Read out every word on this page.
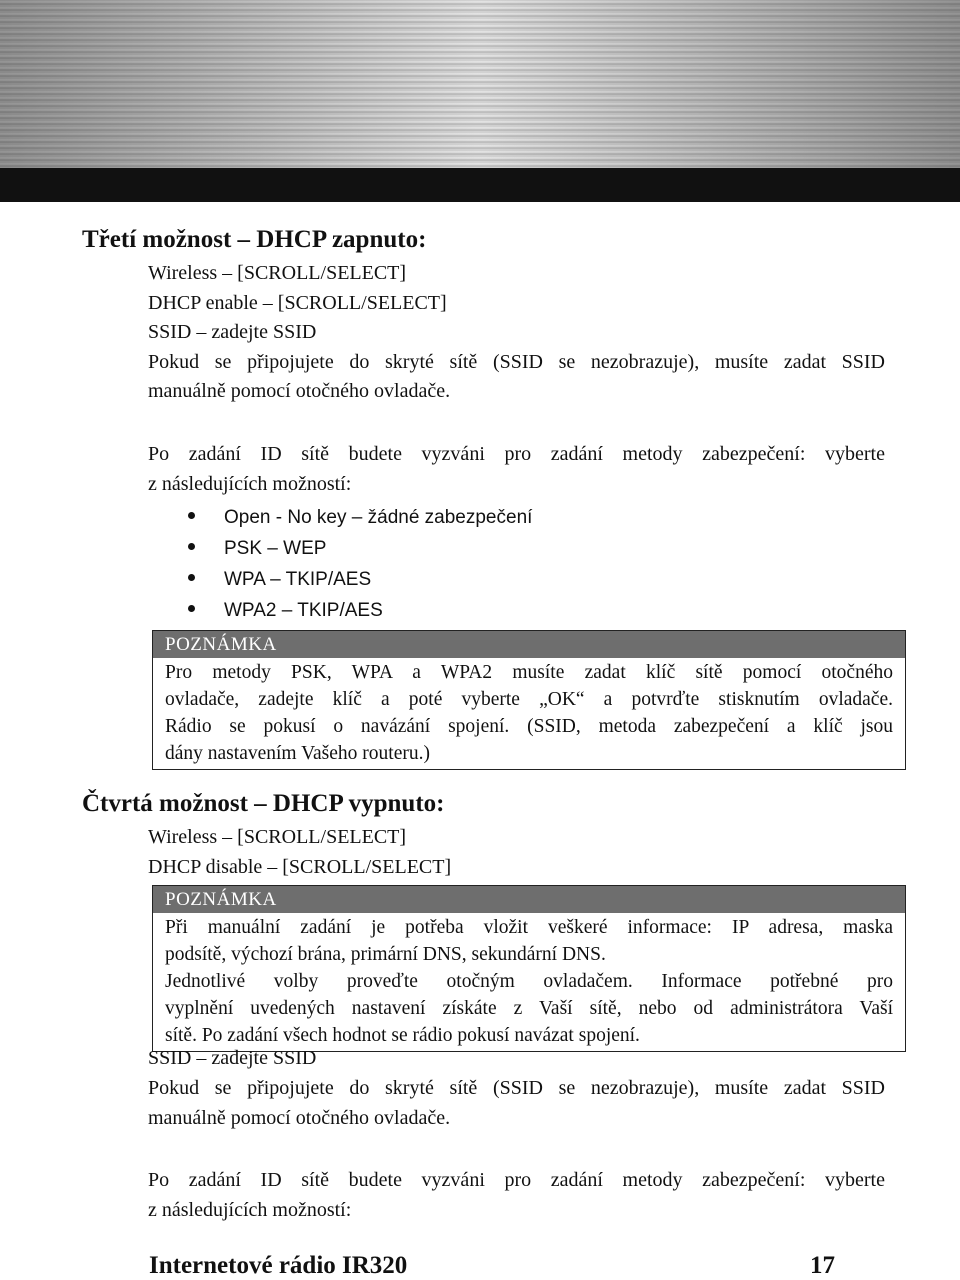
Třetí možnost – DHCP zapnuto:
Wireless – [SCROLL/SELECT]
DHCP enable – [SCROLL/SELECT]
SSID – zadejte SSID
Pokud se připojujete do skryté sítě (SSID se nezobrazuje), musíte zadat SSID
manuálně pomocí otočného ovladače.
Po zadání ID sítě budete vyzváni pro zadání metody zabezpečení: vyberte
z následujících možností:
Open - No key – žádné zabezpečení
PSK – WEP
WPA – TKIP/AES
WPA2 – TKIP/AES
POZNÁMKA
Pro metody PSK, WPA a WPA2 musíte zadat klíč sítě pomocí otočného
ovladače, zadejte klíč a poté vyberte „OK“ a potvrďte stisknutím ovladače.
Rádio se pokusí o navázání spojení. (SSID, metoda zabezpečení a klíč jsou
dány nastavením Vašeho routeru.)
Čtvrtá možnost – DHCP vypnuto:
Wireless – [SCROLL/SELECT]
DHCP disable – [SCROLL/SELECT]
POZNÁMKA
Při manuální zadání je potřeba vložit veškeré informace: IP adresa, maska
podsítě, výchozí brána, primární DNS, sekundární DNS.
Jednotlivé volby proveďte otočným ovladačem. Informace potřebné pro
vyplnění uvedených nastavení získáte z Vaší sítě, nebo od administrátora Vaší
sítě. Po zadání všech hodnot se rádio pokusí navázat spojení.
SSID – zadejte SSID
Pokud se připojujete do skryté sítě (SSID se nezobrazuje), musíte zadat SSID
manuálně pomocí otočného ovladače.
Po zadání ID sítě budete vyzváni pro zadání metody zabezpečení: vyberte
z následujících možností:
Internetové rádio IR320	17
